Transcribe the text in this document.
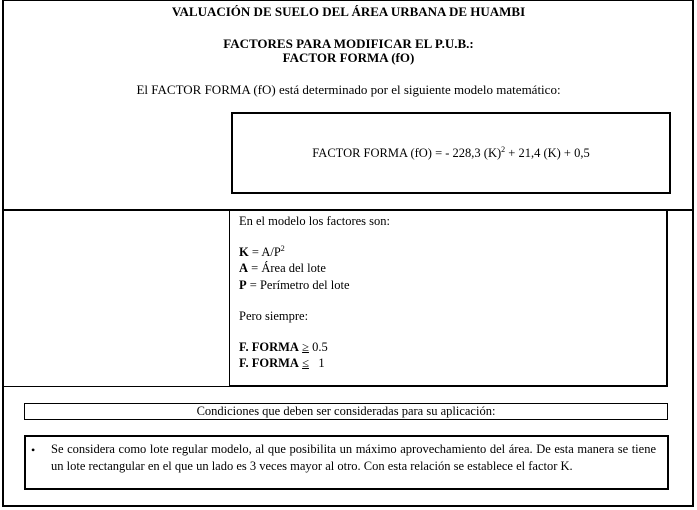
VALUACIÓN DE SUELO DEL ÁREA URBANA DE HUAMBI
FACTORES PARA MODIFICAR EL P.U.B.:
FACTOR FORMA (fO)
El FACTOR FORMA (fO) está determinado por el siguiente modelo matemático:
FACTOR FORMA (fO) = - 228,3 $(K)^2 + 21,4$ (K) + 0,5
En el modelo los factores son:
$K = A/P^2$
A = Área del lote
P = Perímetro del lote
Pero siempre:
F. FORMA ≥ 0.5
F. FORMA ≤   1
Condiciones que deben ser consideradas para su aplicación:
• Se considera como lote regular modelo, al que posibilita un máximo aprovechamiento del área. De esta manera se tiene un lote rectangular en el que un lado es 3 veces mayor al otro. Con esta relación se establece el factor K.
